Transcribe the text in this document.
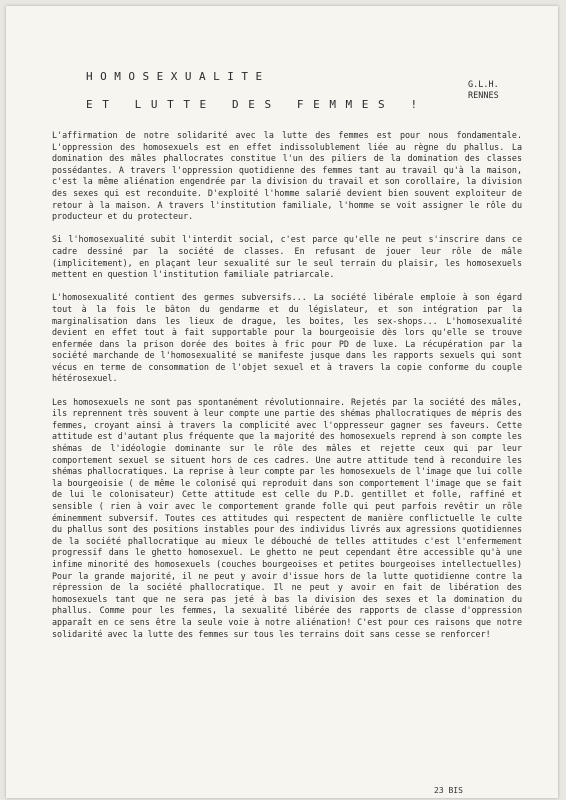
HOMOSEXUALITE
ET LUTTE DES FEMMES !
G.L.H.
RENNES

L'affirmation de notre solidarité avec la lutte des femmes est pour nous fondamentale. L'oppression des homosexuels est en effet indissolublement liée au règne du phallus. La domination des mâles phallocrates constitue l'un des piliers de la domination des classes possédantes. A travers l'oppression quotidienne des femmes tant au travail qu'à la maison, c'est la même aliénation engendrée par la division du travail et son corollaire, la division des sexes qui est reconduite. D'exploité l'homme salarié devient bien souvent exploiteur de retour à la maison. A travers l'institution familiale, l'homme se voit assigner le rôle du producteur et du protecteur.

Si l'homosexualité subit l'interdit social, c'est parce qu'elle ne peut s'inscrire dans ce cadre dessiné par la société de classes. En refusant de jouer leur rôle de mâle (implicitement), en plaçant leur sexualité sur le seul terrain du plaisir, les homosexuels mettent en question l'institution familiale patriarcale.

L'homosexualité contient des germes subversifs... La société libérale emploie à son égard tout à la fois le bâton du gendarme et du législateur, et son intégration par la marginalisation dans les lieux de drague, les boites, les sex-shops... L'homosexualité devient en effet tout à fait supportable pour la bourgeoisie dès lors qu'elle se trouve enfermée dans la prison dorée des boites à fric pour PD de luxe. La récupération par la société marchande de l'homosexualité se manifeste jusque dans les rapports sexuels qui sont vécus en terme de consommation de l'objet sexuel et à travers la copie conforme du couple hétérosexuel.

Les homosexuels ne sont pas spontanément révolutionnaire. Rejetés par la société des mâles, ils reprennent très souvent à leur compte une partie des shémas phallocratiques de mépris des femmes, croyant ainsi à travers la complicité avec l'oppresseur gagner ses faveurs. Cette attitude est d'autant plus fréquente que la majorité des homosexuels reprend à son compte les shémas de l'idéologie dominante sur le rôle des mâles et rejette ceux qui par leur comportement sexuel se situent hors de ces cadres. Une autre attitude tend à reconduire les shémas phallocratiques. La reprise à leur compte par les homosexuels de l'image que lui colle la bourgeoisie ( de même le colonisé qui reproduit dans son comportement l'image que se fait de lui le colonisateur) Cette attitude est celle du P.D. gentillet et folle, raffiné et sensible ( rien à voir avec le comportement grande folle qui peut parfois revêtir un rôle éminemment subversif. Toutes ces attitudes qui respectent de manière conflictuelle le culte du phallus sont des positions instables pour des individus livrés aux agressions quotidiennes de la société phallocratique au mieux le débouché de telles attitudes c'est l'enfermement progressif dans le ghetto homosexuel. Le ghetto ne peut cependant être accessible qu'à une infime minorité des homosexuels (couches bourgeoises et petites bourgeoises intellectuelles) Pour la grande majorité, il ne peut y avoir d'issue hors de la lutte quotidienne contre la répression de la société phallocratique. Il ne peut y avoir en fait de libération des homosexuels tant que ne sera pas jeté à bas la division des sexes et la domination du phallus. Comme pour les femmes, la sexualité libérée des rapports de classe d'oppression apparaît en ce sens être la seule voie à notre aliénation! C'est pour ces raisons que notre solidarité avec la lutte des femmes sur tous les terrains doit sans cesse se renforcer!

23 BIS
